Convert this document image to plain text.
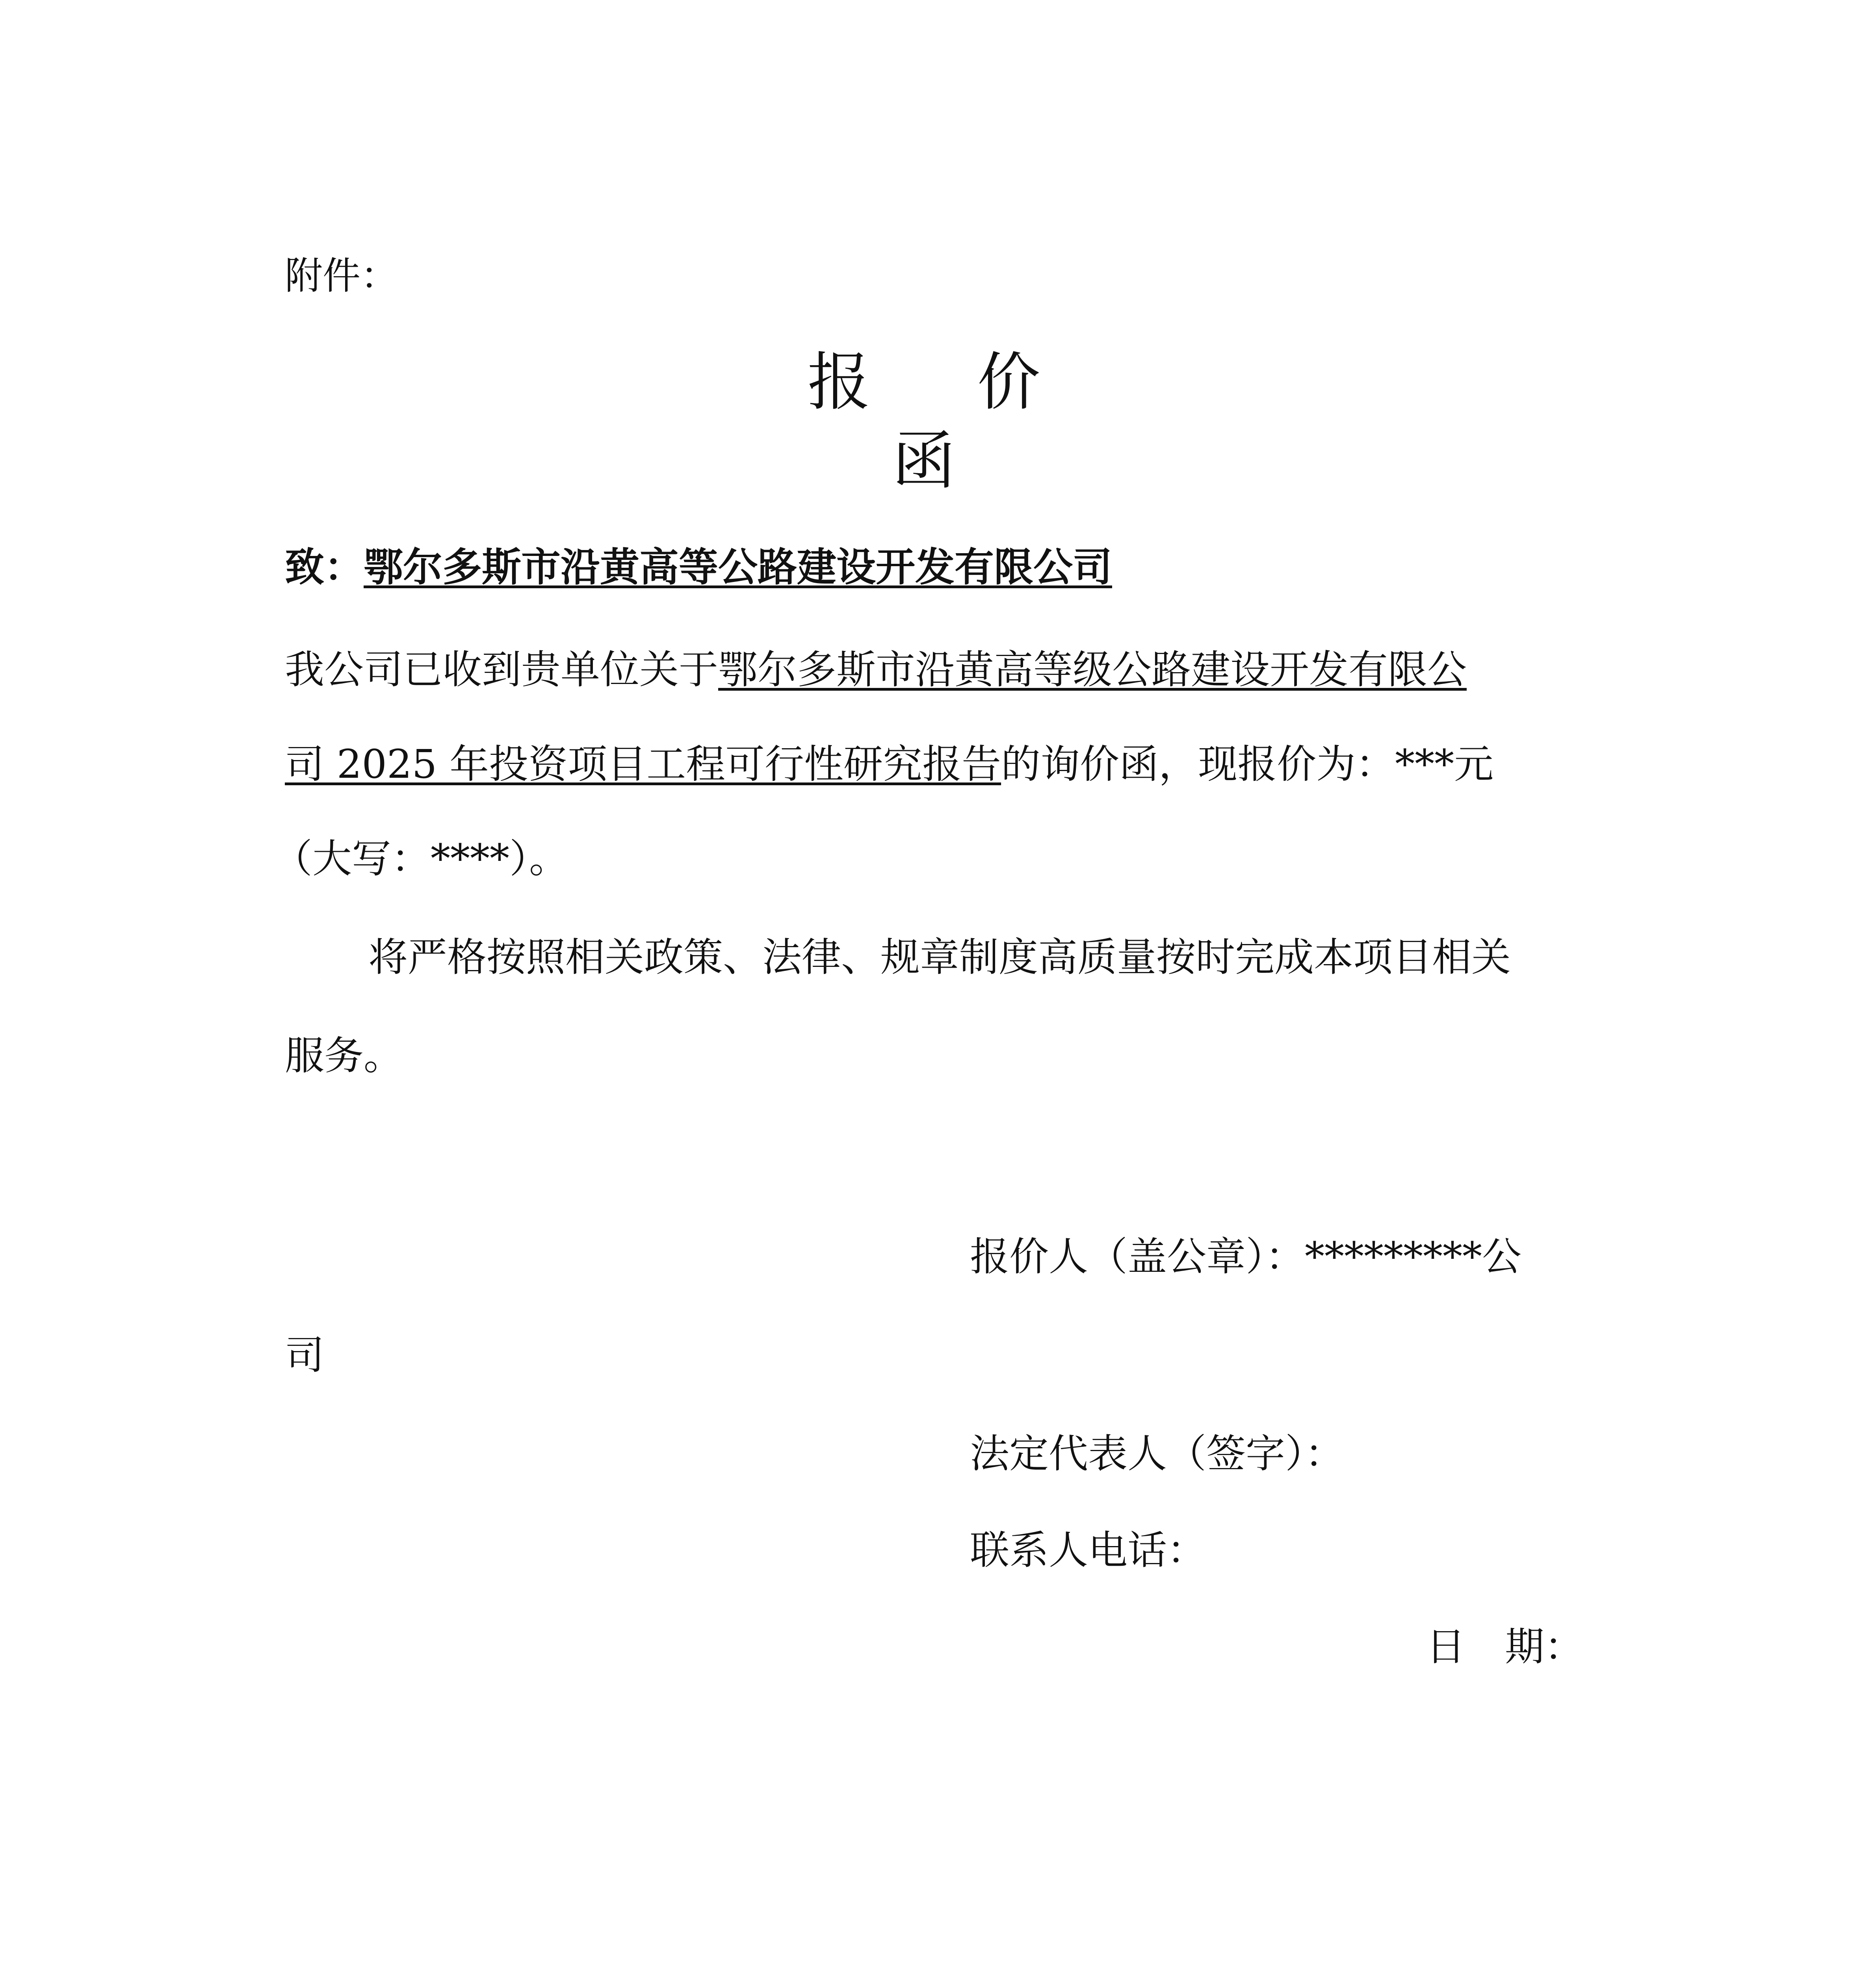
附件：
报 价 函

致：鄂尔多斯市沿黄高等公路建设开发有限公司

我公司已收到贵单位关于鄂尔多斯市沿黄高等级公路建设开发有限公

司 2025 年投资项目工程可行性研究报告的询价函，现报价为：***元

（大写：****）。

将严格按照相关政策、法律、规章制度高质量按时完成本项目相关

服务。

报价人（盖公章）：*********公

司

法定代表人（签字）：

联系人电话：

日　期：
